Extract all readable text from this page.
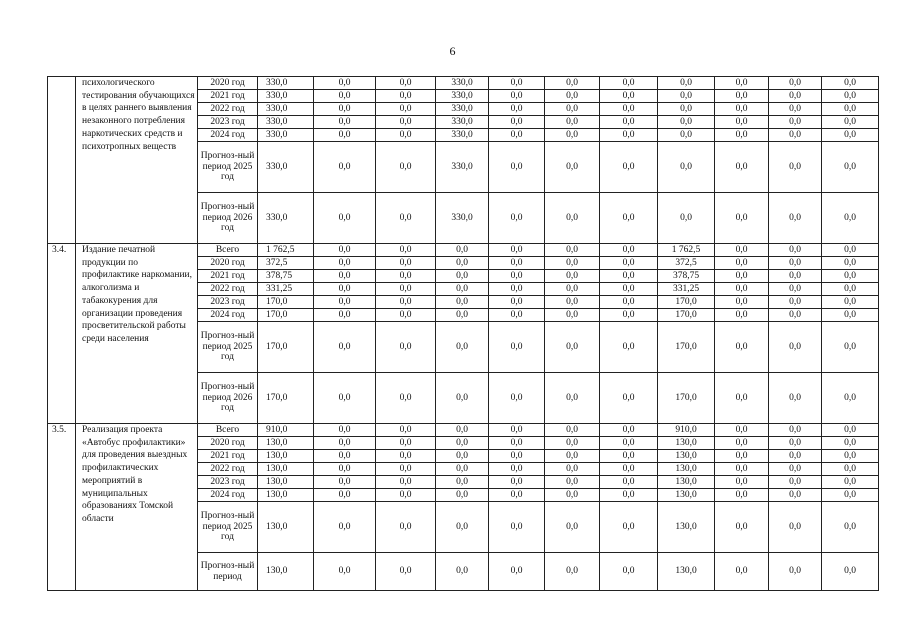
6
	психологического тестирования обучающихся в целях раннего выявления незаконного потребления наркотических средств и психотропных веществ	2020 год	330,0	0,0	0,0	330,0	0,0	0,0	0,0	0,0	0,0	0,0	0,0
		2021 год	330,0	0,0	0,0	330,0	0,0	0,0	0,0	0,0	0,0	0,0	0,0
		2022 год	330,0	0,0	0,0	330,0	0,0	0,0	0,0	0,0	0,0	0,0	0,0
		2023 год	330,0	0,0	0,0	330,0	0,0	0,0	0,0	0,0	0,0	0,0	0,0
		2024 год	330,0	0,0	0,0	330,0	0,0	0,0	0,0	0,0	0,0	0,0	0,0
		Прогноз-ный период 2025 год	330,0	0,0	0,0	330,0	0,0	0,0	0,0	0,0	0,0	0,0	0,0
		Прогноз-ный период 2026 год	330,0	0,0	0,0	330,0	0,0	0,0	0,0	0,0	0,0	0,0	0,0
3.4.	Издание печатной продукции по профилактике наркомании, алкоголизма и табакокурения для организации проведения просветительской работы среди населения	Всего	1 762,5	0,0	0,0	0,0	0,0	0,0	0,0	1 762,5	0,0	0,0	0,0
		2020 год	372,5	0,0	0,0	0,0	0,0	0,0	0,0	372,5	0,0	0,0	0,0
		2021 год	378,75	0,0	0,0	0,0	0,0	0,0	0,0	378,75	0,0	0,0	0,0
		2022 год	331,25	0,0	0,0	0,0	0,0	0,0	0,0	331,25	0,0	0,0	0,0
		2023 год	170,0	0,0	0,0	0,0	0,0	0,0	0,0	170,0	0,0	0,0	0,0
		2024 год	170,0	0,0	0,0	0,0	0,0	0,0	0,0	170,0	0,0	0,0	0,0
		Прогноз-ный период 2025 год	170,0	0,0	0,0	0,0	0,0	0,0	0,0	170,0	0,0	0,0	0,0
		Прогноз-ный период 2026 год	170,0	0,0	0,0	0,0	0,0	0,0	0,0	170,0	0,0	0,0	0,0
3.5.	Реализация проекта «Автобус профилактики» для проведения выездных профилактических мероприятий в муниципальных образованиях Томской области	Всего	910,0	0,0	0,0	0,0	0,0	0,0	0,0	910,0	0,0	0,0	0,0
		2020 год	130,0	0,0	0,0	0,0	0,0	0,0	0,0	130,0	0,0	0,0	0,0
		2021 год	130,0	0,0	0,0	0,0	0,0	0,0	0,0	130,0	0,0	0,0	0,0
		2022 год	130,0	0,0	0,0	0,0	0,0	0,0	0,0	130,0	0,0	0,0	0,0
		2023 год	130,0	0,0	0,0	0,0	0,0	0,0	0,0	130,0	0,0	0,0	0,0
		2024 год	130,0	0,0	0,0	0,0	0,0	0,0	0,0	130,0	0,0	0,0	0,0
		Прогноз-ный период 2025 год	130,0	0,0	0,0	0,0	0,0	0,0	0,0	130,0	0,0	0,0	0,0
		Прогноз-ный период	130,0	0,0	0,0	0,0	0,0	0,0	0,0	130,0	0,0	0,0	0,0
